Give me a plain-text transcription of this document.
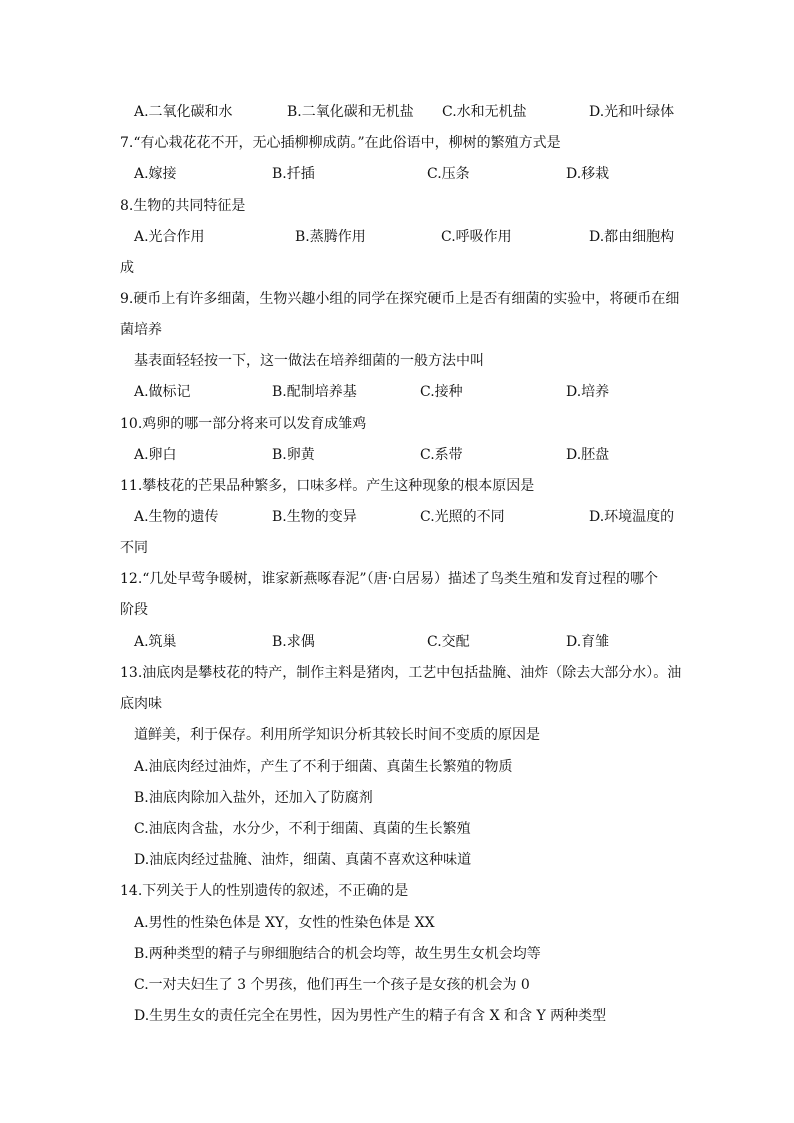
A.二氧化碳和水	B.二氧化碳和无机盐 C.水和无机盐	D.光和叶绿体
7.“有心栽花花不开，无心插柳柳成荫。”在此俗语中，柳树的繁殖方式是
A.嫁接	B.扦插	C.压条	D.移栽
8.生物的共同特征是
A.光合作用	B.蒸腾作用	C.呼吸作用	D.都由细胞构
成
9.硬币上有许多细菌，生物兴趣小组的同学在探究硬币上是否有细菌的实验中，将硬币在细
菌培养
基表面轻轻按一下，这一做法在培养细菌的一般方法中叫
A.做标记	B.配制培养基	C.接种	D.培养
10.鸡卵的哪一部分将来可以发育成雏鸡
A.卵白	B.卵黄	C.系带	D.胚盘
11.攀枝花的芒果品种繁多，口味多样。产生这种现象的根本原因是
A.生物的遗传	B.生物的变异	C.光照的不同	D.环境温度的
不同
12.“几处早莺争暖树，谁家新燕啄春泥”（唐·白居易）描述了鸟类生殖和发育过程的哪个
阶段
A.筑巢	B.求偶	C.交配	D.育雏
13.油底肉是攀枝花的特产，制作主料是猪肉，工艺中包括盐腌、油炸（除去大部分水）。油
底肉味
道鲜美，利于保存。利用所学知识分析其较长时间不变质的原因是
A.油底肉经过油炸，产生了不利于细菌、真菌生长繁殖的物质
B.油底肉除加入盐外，还加入了防腐剂
C.油底肉含盐，水分少，不利于细菌、真菌的生长繁殖
D.油底肉经过盐腌、油炸，细菌、真菌不喜欢这种味道
14.下列关于人的性别遗传的叙述，不正确的是
A.男性的性染色体是 XY，女性的性染色体是 XX
B.两种类型的精子与卵细胞结合的机会均等，故生男生女机会均等
C.一对夫妇生了 3 个男孩，他们再生一个孩子是女孩的机会为 0
D.生男生女的责任完全在男性，因为男性产生的精子有含 X 和含 Y 两种类型
